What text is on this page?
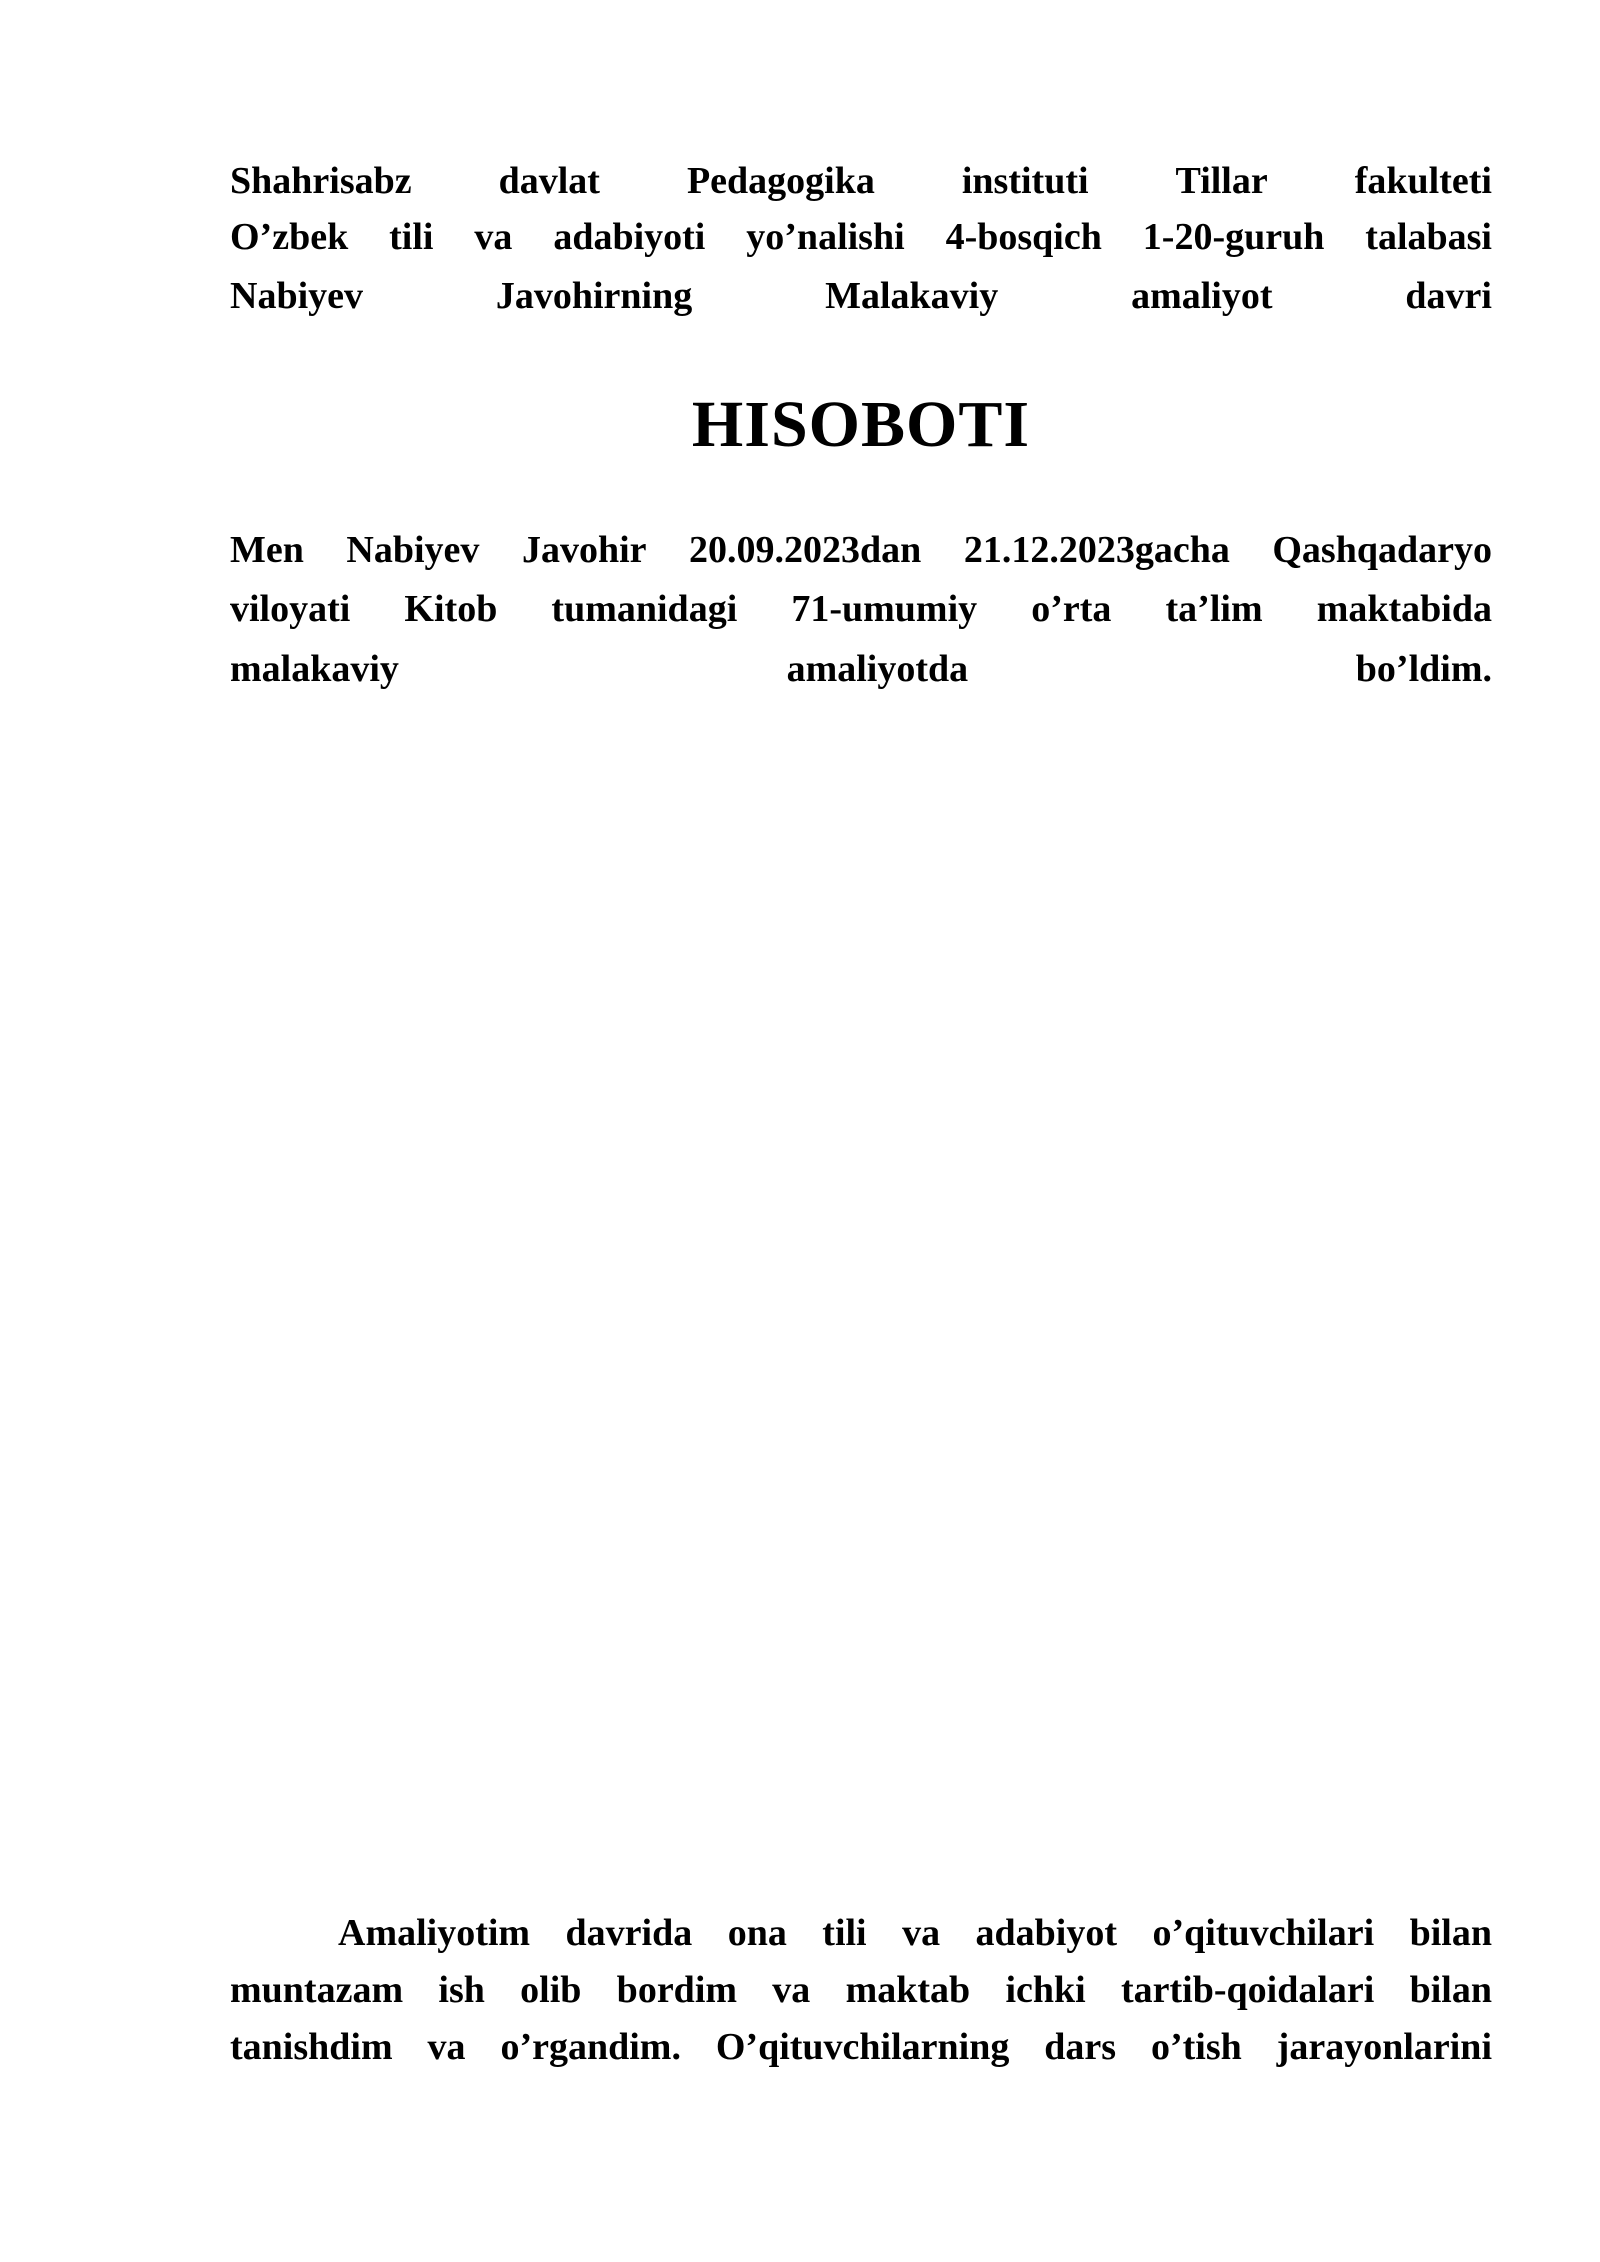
Shahrisabz davlat Pedagogika instituti Tillar fakulteti
O’zbek tili va adabiyoti yo’nalishi 4-bosqich 1-20-guruh talabasi
Nabiyev	Javohirning	Malakaviy	amaliyot	davri
HISOBOTI
Men Nabiyev Javohir 20.09.2023dan 21.12.2023gacha Qashqadaryo
viloyati Kitob tumanidagi 71-umumiy o’rta ta’lim maktabida
malakaviy	amaliyotda	bo’ldim.
Amaliyotim davrida ona tili va adabiyot o’qituvchilari bilan
muntazam ish olib bordim va maktab ichki tartib-qoidalari bilan
tanishdim va o’rgandim. O’qituvchilarning dars o’tish jarayonlarini
